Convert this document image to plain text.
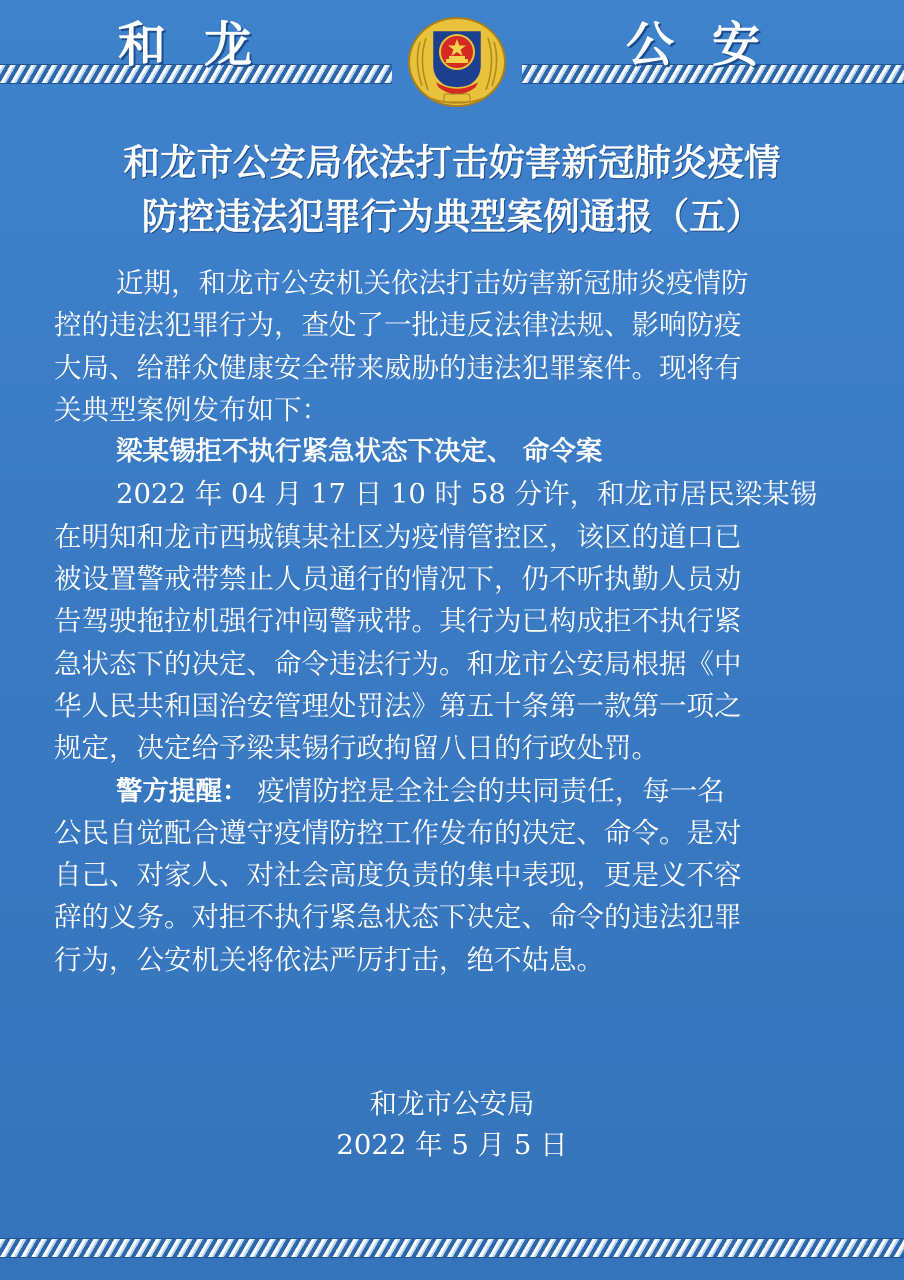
和龙	公安
和龙市公安局依法打击妨害新冠肺炎疫情
防控违法犯罪行为典型案例通报（五）
近期，和龙市公安机关依法打击妨害新冠肺炎疫情防
控的违法犯罪行为，查处了一批违反法律法规、影响防疫
大局、给群众健康安全带来威胁的违法犯罪案件。现将有
关典型案例发布如下：
梁某锡拒不执行紧急状态下决定、 命令案
2022 年 04 月 17 日 10 时 58 分许，和龙市居民梁某锡
在明知和龙市西城镇某社区为疫情管控区，该区的道口已
被设置警戒带禁止人员通行的情况下，仍不听执勤人员劝
告驾驶拖拉机强行冲闯警戒带。其行为已构成拒不执行紧
急状态下的决定、命令违法行为。和龙市公安局根据《中
华人民共和国治安管理处罚法》第五十条第一款第一项之
规定，决定给予梁某锡行政拘留八日的行政处罚。
警方提醒： 疫情防控是全社会的共同责任，每一名
公民自觉配合遵守疫情防控工作发布的决定、命令。是对
自己、对家人、对社会高度负责的集中表现，更是义不容
辞的义务。对拒不执行紧急状态下决定、命令的违法犯罪
行为，公安机关将依法严厉打击，绝不姑息。
和龙市公安局
2022 年 5 月 5 日
